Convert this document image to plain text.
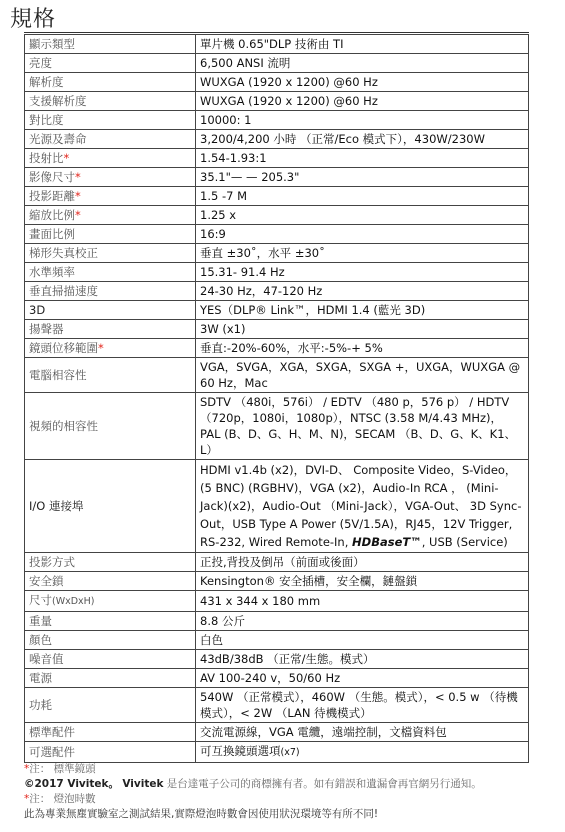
規格
顯示類型	單片機 0.65"DLP 技術由 TI
亮度	6,500 ANSI 流明
解析度	WUXGA (1920 x 1200) @60 Hz
支援解析度	WUXGA (1920 x 1200) @60 Hz
對比度	10000: 1
光源及壽命	3,200/4,200 小時 （正常/Eco 模式下），430W/230W
投射比*	1.54-1.93:1
影像尺寸*	35.1"— — 205.3"
投影距離*	1.5 -7 M
縮放比例*	1.25 x
畫面比例	16:9
梯形失真校正	垂直 ±30˚，水平 ±30˚
水準頻率	15.31- 91.4 Hz
垂直掃描速度	24-30 Hz，47-120 Hz
3D	YES（DLP® Link™，HDMI 1.4 (藍光 3D)
揚聲器	3W (x1)
鏡頭位移範圍*	垂直:-20%-60%，水平:-5%-+ 5%
電腦相容性	VGA，SVGA，XGA，SXGA，SXGA +，UXGA，WUXGA @ 60 Hz，Mac
視頻的相容性	SDTV （480i，576i） / EDTV （480 p，576 p） / HDTV （720p，1080i，1080p），NTSC (3.58 M/4.43 MHz)，PAL (B、D、G、H、M、N)，SECAM （B、D、G、K、K1、L）
I/O 連接埠	HDMI v1.4b (x2)，DVI-D、 Composite Video，S-Video， (5 BNC) (RGBHV)，VGA (x2)，Audio-In RCA ， (Mini-Jack)(x2)，Audio-Out （Mini-Jack），VGA-Out、 3D Sync-Out，USB Type A Power (5V/1.5A)，RJ45，12V Trigger, RS-232, Wired Remote-In, HDBaseT™, USB (Service)
投影方式	正投,背投及倒吊（前面或後面）
安全鎖	Kensington® 安全插槽，安全欄，鏈盤鎖
尺寸(WxDxH)	431 x 344 x 180 mm
重量	8.8 公斤
顏色	白色
噪音值	43dB/38dB （正常/生態。模式）
電源	AV 100-240 v，50/60 Hz
功耗	540W （正常模式），460W （生態。模式），< 0.5 w （待機模式），< 2W （LAN 待機模式）
標準配件	交流電源線，VGA 電纜，遠端控制，文檔資料包
可選配件	可互換鏡頭選項(x7)
*注： 標準鏡頭
©2017 Vivitek。 Vivitek 是台達電子公司的商標擁有者。如有錯誤和遺漏會再官網另行通知。
*注： 燈泡時數
此為專業無塵實驗室之測試結果,實際燈泡時數會因使用狀況環境等有所不同!
